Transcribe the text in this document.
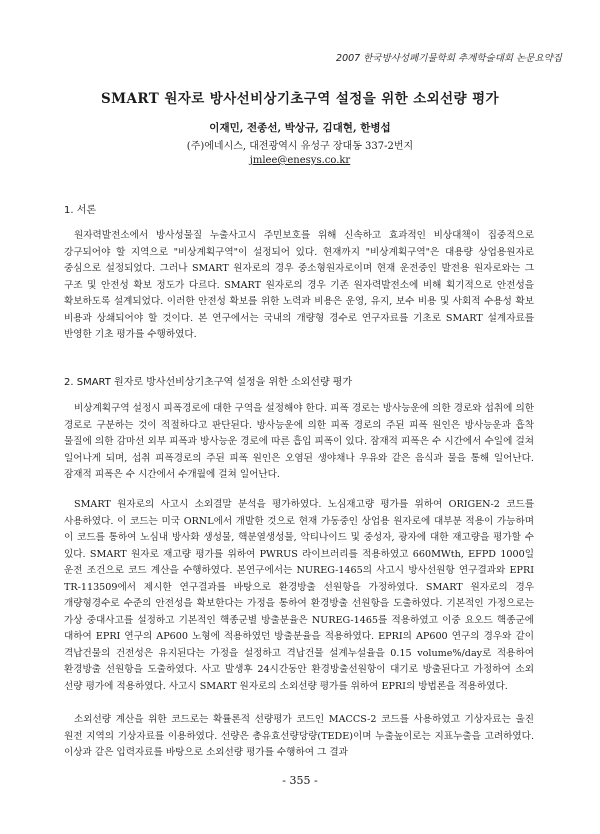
2007 한국방사성폐기물학회 추계학술대회 논문요약집
SMART 원자로 방사선비상기초구역 설정을 위한 소외선량 평가
이재민, 전종선, 박상규, 김대현, 한병섭
(주)에네시스, 대전광역시 유성구 장대동 337-2번지
jmlee@enesys.co.kr
1. 서론
원자력발전소에서 방사성물질 누출사고시 주민보호를 위해 신속하고 효과적인 비상대책이 집중적으로 강구되어야 할 지역으로 "비상계획구역"이 설정되어 있다. 현재까지 "비상계획구역"은 대용량 상업용원자로 중심으로 설정되었다. 그러나 SMART 원자로의 경우 중소형원자로이며 현재 운전중인 발전용 원자로와는 그 구조 및 안전성 확보 정도가 다르다. SMART 원자로의 경우 기존 원자력발전소에 비해 획기적으로 안전성을 확보하도록 설계되었다. 이러한 안전성 확보를 위한 노력과 비용은 운영, 유지, 보수 비용 및 사회적 수용성 확보 비용과 상쇄되어야 할 것이다. 본 연구에서는 국내의 개량형 경수로 연구자료를 기초로 SMART 설계자료를 반영한 기초 평가를 수행하였다.
2. SMART 원자로 방사선비상기초구역 설정을 위한 소외선량 평가
비상계획구역 설정시 피폭경로에 대한 구역을 설정해야 한다. 피폭 경로는 방사능운에 의한 경로와 섭취에 의한 경로로 구분하는 것이 적절하다고 판단된다. 방사능운에 의한 피폭 경로의 주된 피폭 원인은 방사능운과 흡착 물질에 의한 감마선 외부 피폭과 방사능운 경로에 따른 흡입 피폭이 있다. 잠재적 피폭은 수 시간에서 수일에 걸쳐 일어나게 되며, 섭취 피폭경로의 주된 피폭 원인은 오염된 생야채나 우유와 같은 음식과 물을 통해 일어난다. 잠재적 피폭은 수 시간에서 수개월에 걸쳐 일어난다.
SMART 원자로의 사고시 소외결말 분석을 평가하였다. 노심재고량 평가를 위하여 ORIGEN-2 코드를 사용하였다. 이 코드는 미국 ORNL에서 개발한 것으로 현재 가동중인 상업용 원자로에 대부분 적용이 가능하며 이 코드를 통하여 노심내 방사화 생성물, 핵분열생성물, 악티나이드 및 중성자, 광자에 대한 재고량을 평가할 수 있다. SMART 원자로 재고량 평가를 위하여 PWRUS 라이브러리를 적용하였고 660MWth, EFPD 1000일 운전 조건으로 코드 계산을 수행하였다. 본연구에서는 NUREG-1465의 사고시 방사선원항 연구결과와 EPRI TR-113509에서 제시한 연구결과를 바탕으로 환경방출 선원항을 가정하였다. SMART 원자로의 경우 개량형경수로 수준의 안전성을 확보한다는 가정을 통하여 환경방출 선원항을 도출하였다. 기본적인 가정으로는 가상 중대사고를 설정하고 기본적인 핵종군별 방출분율은 NUREG-1465를 적용하였고 이중 요오드 핵종군에 대하여 EPRI 연구의 AP600 노형에 적용하였던 방출분율을 적용하였다. EPRI의 AP600 연구의 경우와 같이 격납건물의 건전성은 유지된다는 가정을 설정하고 격납건물 설계누설율을 0.15 volume%/day로 적용하여 환경방출 선원항을 도출하였다. 사고 발생후 24시간동안 환경방출선원항이 대기로 방출된다고 가정하여 소외 선량 평가에 적용하였다. 사고시 SMART 원자로의 소외선량 평가를 위하여 EPRI의 방법론을 적용하였다.
소외선량 계산을 위한 코드로는 확률론적 선량평가 코드인 MACCS-2 코드를 사용하였고 기상자료는 울진 원전 지역의 기상자료를 이용하였다. 선량은 총유효선량당량(TEDE)이며 누출높이로는 지표누출을 고려하였다. 이상과 같은 입력자료를 바탕으로 소외선량 평가를 수행하여 그 결과
- 355 -
